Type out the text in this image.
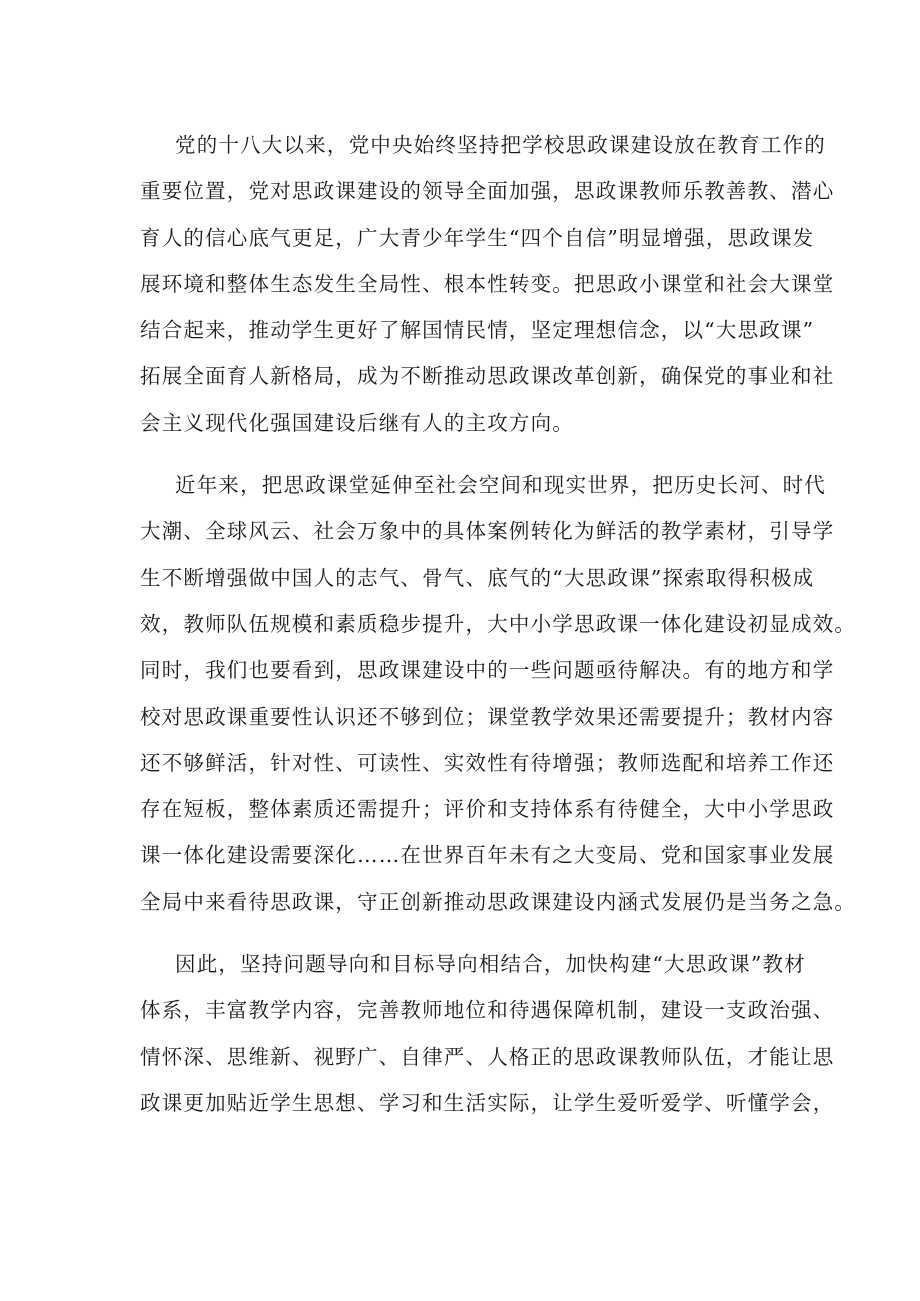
党的十八大以来，党中央始终坚持把学校思政课建设放在教育工作的
重要位置，党对思政课建设的领导全面加强，思政课教师乐教善教、潜心
育人的信心底气更足，广大青少年学生“四个自信”明显增强，思政课发
展环境和整体生态发生全局性、根本性转变。把思政小课堂和社会大课堂
结合起来，推动学生更好了解国情民情，坚定理想信念，以“大思政课”
拓展全面育人新格局，成为不断推动思政课改革创新，确保党的事业和社
会主义现代化强国建设后继有人的主攻方向。

近年来，把思政课堂延伸至社会空间和现实世界，把历史长河、时代
大潮、全球风云、社会万象中的具体案例转化为鲜活的教学素材，引导学
生不断增强做中国人的志气、骨气、底气的“大思政课”探索取得积极成
效，教师队伍规模和素质稳步提升，大中小学思政课一体化建设初显成效。
同时，我们也要看到，思政课建设中的一些问题亟待解决。有的地方和学
校对思政课重要性认识还不够到位；课堂教学效果还需要提升；教材内容
还不够鲜活，针对性、可读性、实效性有待增强；教师选配和培养工作还
存在短板，整体素质还需提升；评价和支持体系有待健全，大中小学思政
课一体化建设需要深化……在世界百年未有之大变局、党和国家事业发展
全局中来看待思政课，守正创新推动思政课建设内涵式发展仍是当务之急。

因此，坚持问题导向和目标导向相结合，加快构建“大思政课”教材
体系，丰富教学内容，完善教师地位和待遇保障机制，建设一支政治强、
情怀深、思维新、视野广、自律严、人格正的思政课教师队伍，才能让思
政课更加贴近学生思想、学习和生活实际，让学生爱听爱学、听懂学会，
